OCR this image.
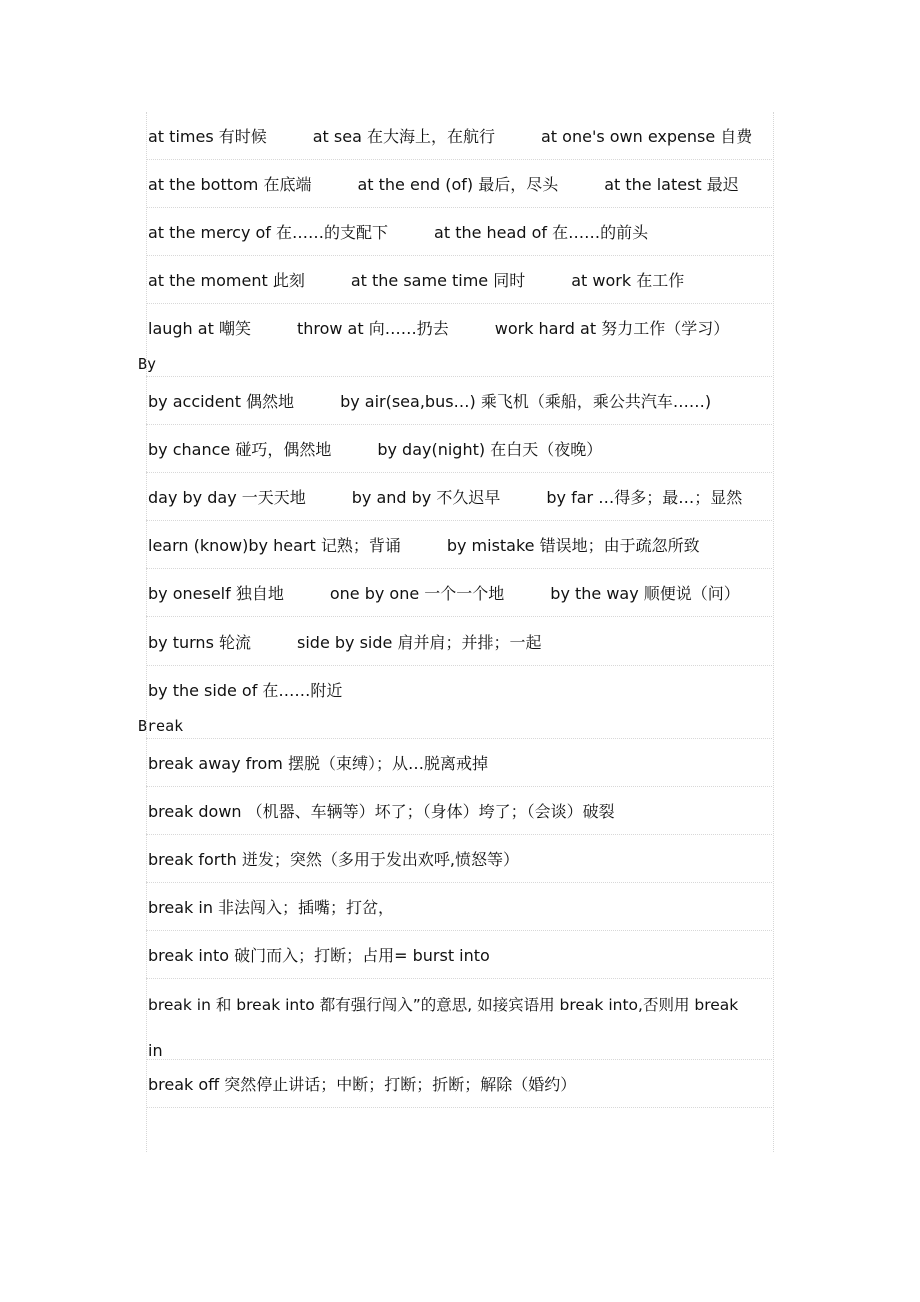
at times 有时候	at sea 在大海上，在航行	at one's own expense 自费
at the bottom 在底端	at the end (of) 最后，尽头	at the latest 最迟
at the mercy of 在……的支配下	at the head of 在……的前头
at the moment 此刻	at the same time 同时	at work 在工作
laugh at 嘲笑	throw at 向……扔去	work hard at 努力工作（学习）
By
by accident 偶然地	by air(sea,bus…) 乘飞机（乘船，乘公共汽车……)
by chance 碰巧，偶然地	by day(night) 在白天（夜晚）
day by day 一天天地	by and by 不久迟早	by far …得多；最…；显然
learn (know)by heart 记熟；背诵	by mistake 错误地；由于疏忽所致
by oneself 独自地	one by one 一个一个地	by the way 顺便说（问）
by turns 轮流	side by side 肩并肩；并排；一起
by the side of 在……附近
Break
break away from 摆脱（束缚）；从…脱离戒掉
break down （机器、车辆等）坏了；（身体）垮了；（会谈）破裂
break forth 迸发；突然（多用于发出欢呼,愤怒等）
break in 非法闯入；插嘴；打岔，
break into 破门而入；打断；占用= burst into
break in 和 break into 都有强行闯入”的意思, 如接宾语用 break into,否则用 break
in
break off 突然停止讲话；中断；打断；折断；解除（婚约）
